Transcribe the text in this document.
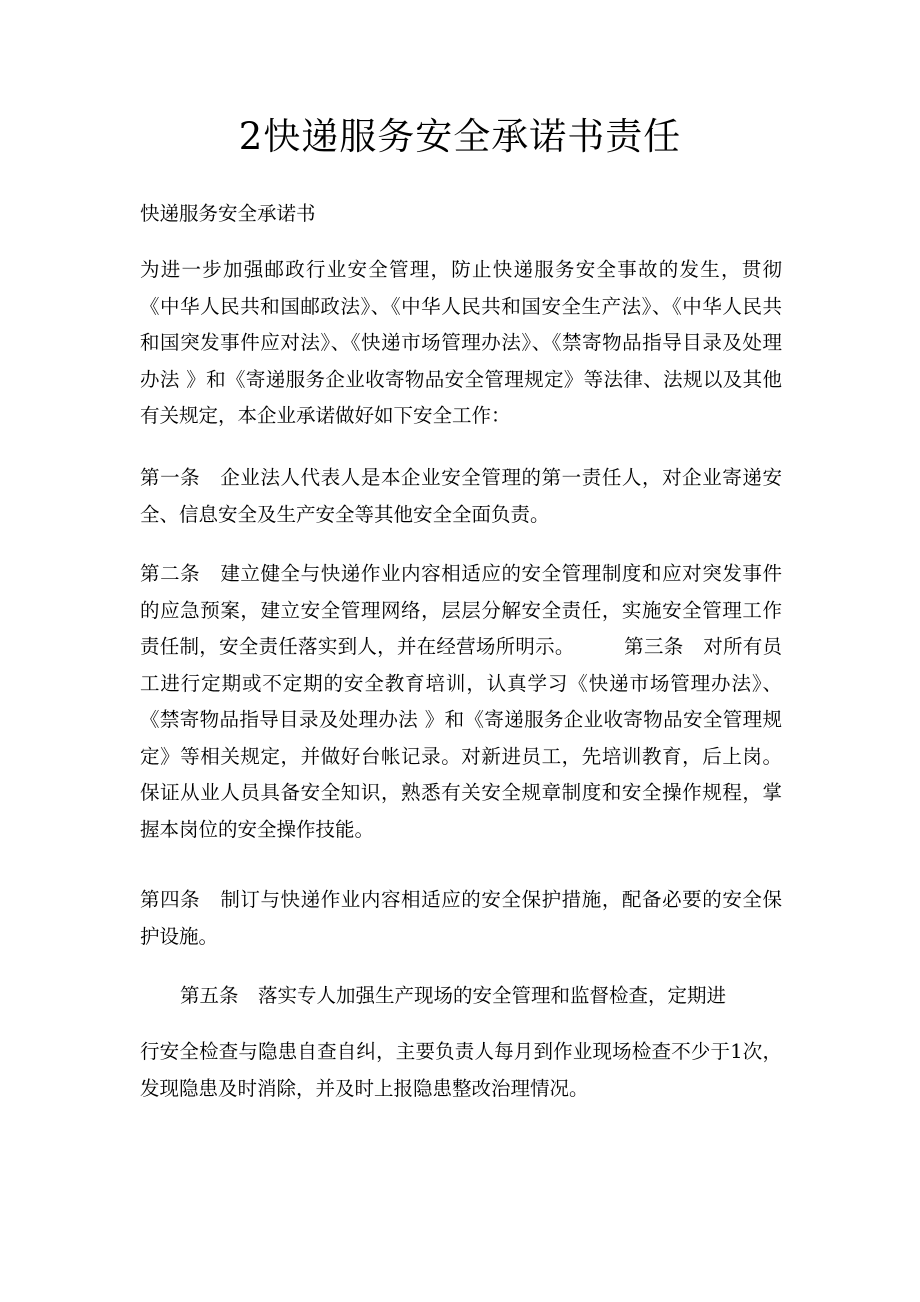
2快递服务安全承诺书责任

快递服务安全承诺书

为进一步加强邮政行业安全管理，防止快递服务安全事故的发生，贯彻《中华人民共和国邮政法》、《中华人民共和国安全生产法》、《中华人民共和国突发事件应对法》、《快递市场管理办法》、《禁寄物品指导目录及处理办法 》和《寄递服务企业收寄物品安全管理规定》等法律、法规以及其他有关规定，本企业承诺做好如下安全工作：

第一条　企业法人代表人是本企业安全管理的第一责任人，对企业寄递安全、信息安全及生产安全等其他安全全面负责。

第二条　建立健全与快递作业内容相适应的安全管理制度和应对突发事件的应急预案，建立安全管理网络，层层分解安全责任，实施安全管理工作责任制，安全责任落实到人，并在经营场所明示。　　　第三条　对所有员工进行定期或不定期的安全教育培训，认真学习《快递市场管理办法》、《禁寄物品指导目录及处理办法 》和《寄递服务企业收寄物品安全管理规定》等相关规定，并做好台帐记录。对新进员工，先培训教育，后上岗。保证从业人员具备安全知识，熟悉有关安全规章制度和安全操作规程，掌握本岗位的安全操作技能。

第四条　制订与快递作业内容相适应的安全保护措施，配备必要的安全保护设施。

第五条　落实专人加强生产现场的安全管理和监督检查，定期进

行安全检查与隐患自查自纠，主要负责人每月到作业现场检查不少于1次，发现隐患及时消除，并及时上报隐患整改治理情况。
